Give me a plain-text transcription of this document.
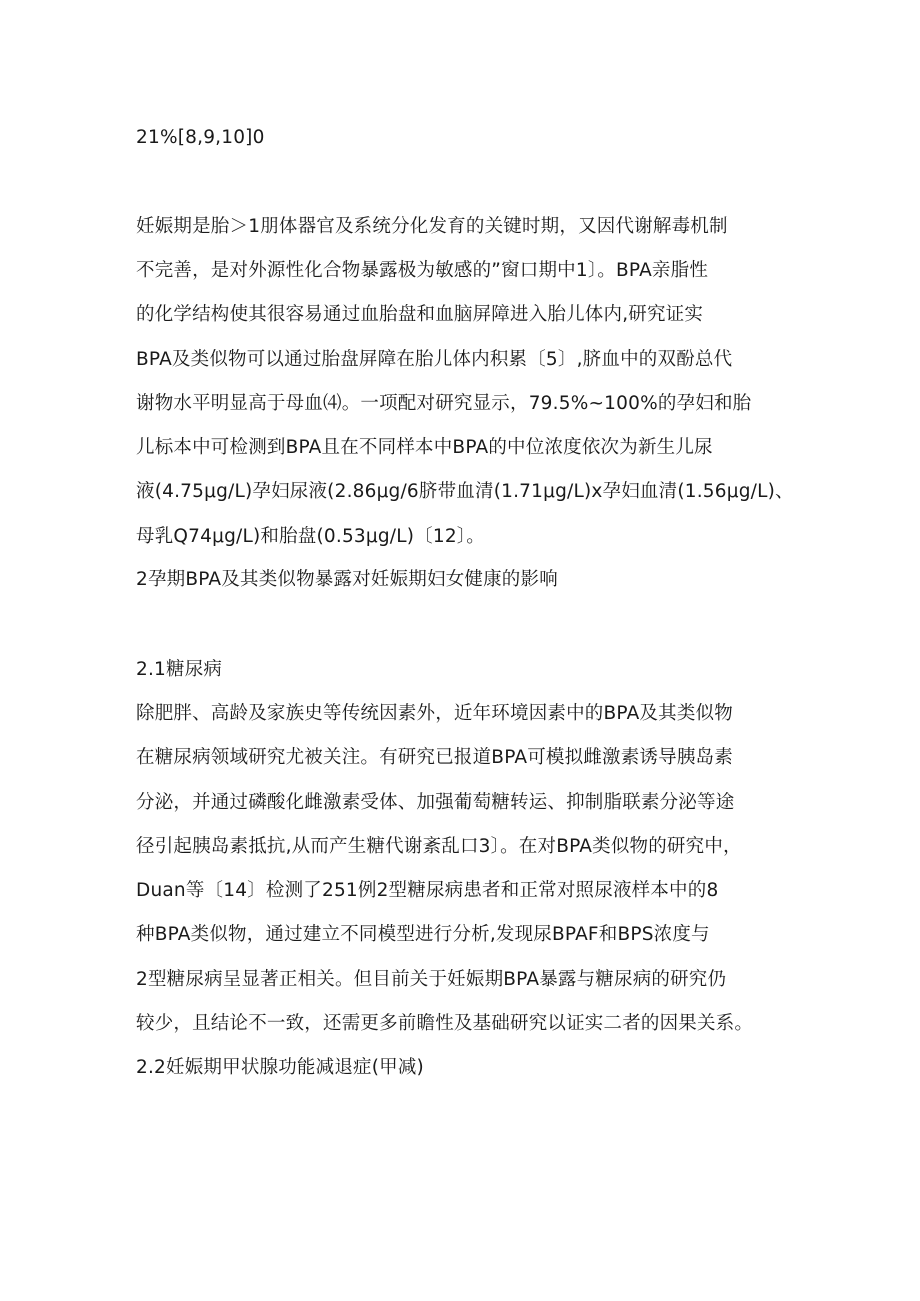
21%[8,9,10]0
妊娠期是胎＞1朋体器官及系统分化发育的关键时期，又因代谢解毒机制
不完善，是对外源性化合物暴露极为敏感的”窗口期中1〕。BPA亲脂性
的化学结构使其很容易通过血胎盘和血脑屏障进入胎儿体内,研究证实
BPA及类似物可以通过胎盘屏障在胎儿体内积累〔5〕,脐血中的双酚总代
谢物水平明显高于母血⑷。一项配对研究显示，79.5%~100%的孕妇和胎
儿标本中可检测到BPA且在不同样本中BPA的中位浓度依次为新生儿尿
液(4.75μg∕L)孕妇尿液(2.86μg∕6脐带血清(1.71μg∕L)x孕妇血清(1.56μg/L)、
母乳Q74μg∕L)和胎盘(0.53μg∕L)〔12〕。
2孕期BPA及其类似物暴露对妊娠期妇女健康的影响
2.1糖尿病
除肥胖、高龄及家族史等传统因素外，近年环境因素中的BPA及其类似物
在糖尿病领域研究尤被关注。有研究已报道BPA可模拟雌激素诱导胰岛素
分泌，并通过磷酸化雌激素受体、加强葡萄糖转运、抑制脂联素分泌等途
径引起胰岛素抵抗,从而产生糖代谢紊乱口3〕。在对BPA类似物的研究中，
Duan等〔14〕检测了251例2型糖尿病患者和正常对照尿液样本中的8
种BPA类似物，通过建立不同模型进行分析,发现尿BPAF和BPS浓度与
2型糖尿病呈显著正相关。但目前关于妊娠期BPA暴露与糖尿病的研究仍
较少，且结论不一致，还需更多前瞻性及基础研究以证实二者的因果关系。
2.2妊娠期甲状腺功能减退症(甲减)
